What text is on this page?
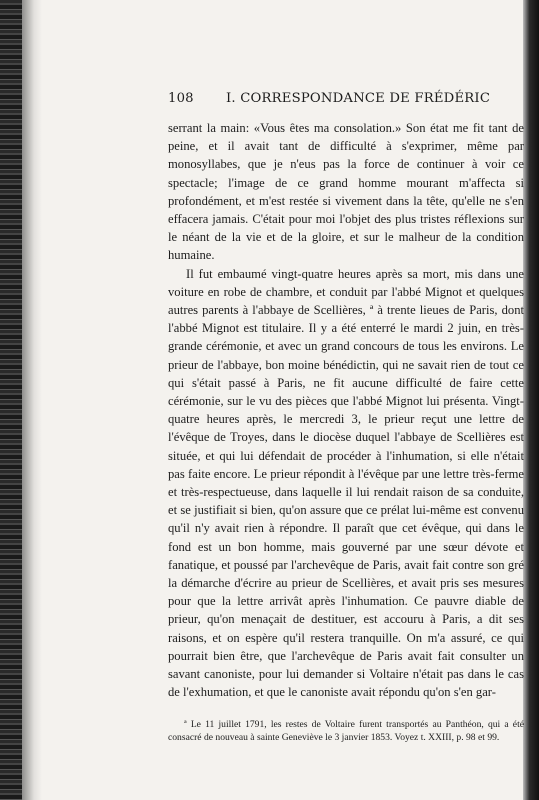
108	I. CORRESPONDANCE DE FRÉDÉRIC

serrant la main: «Vous êtes ma consolation.» Son état me fit tant de peine, et il avait tant de difficulté à s'exprimer, même par monosyllabes, que je n'eus pas la force de continuer à voir ce spectacle; l'image de ce grand homme mourant m'affecta si profondément, et m'est restée si vivement dans la tête, qu'elle ne s'en effacera jamais. C'était pour moi l'objet des plus tristes réflexions sur le néant de la vie et de la gloire, et sur le malheur de la condition humaine.

Il fut embaumé vingt-quatre heures après sa mort, mis dans une voiture en robe de chambre, et conduit par l'abbé Mignot et quelques autres parents à l'abbaye de Scellières, ª à trente lieues de Paris, dont l'abbé Mignot est titulaire. Il y a été enterré le mardi 2 juin, en très-grande cérémonie, et avec un grand concours de tous les environs. Le prieur de l'abbaye, bon moine bénédictin, qui ne savait rien de tout ce qui s'était passé à Paris, ne fit aucune difficulté de faire cette cérémonie, sur le vu des pièces que l'abbé Mignot lui présenta. Vingt-quatre heures après, le mercredi 3, le prieur reçut une lettre de l'évêque de Troyes, dans le diocèse duquel l'abbaye de Scellières est située, et qui lui défendait de procéder à l'inhumation, si elle n'était pas faite encore. Le prieur répondit à l'évêque par une lettre très-ferme et très-respectueuse, dans laquelle il lui rendait raison de sa conduite, et se justifiait si bien, qu'on assure que ce prélat lui-même est convenu qu'il n'y avait rien à répondre. Il paraît que cet évêque, qui dans le fond est un bon homme, mais gouverné par une sœur dévote et fanatique, et poussé par l'archevêque de Paris, avait fait contre son gré la démarche d'écrire au prieur de Scellières, et avait pris ses mesures pour que la lettre arrivât après l'inhumation. Ce pauvre diable de prieur, qu'on menaçait de destituer, est accouru à Paris, a dit ses raisons, et on espère qu'il restera tranquille. On m'a assuré, ce qui pourrait bien être, que l'archevêque de Paris avait fait consulter un savant canoniste, pour lui demander si Voltaire n'était pas dans le cas de l'exhumation, et que le canoniste avait répondu qu'on s'en gar-

ª Le 11 juillet 1791, les restes de Voltaire furent transportés au Panthéon, qui a été consacré de nouveau à sainte Geneviève le 3 janvier 1853. Voyez t. XXIII, p. 98 et 99.
